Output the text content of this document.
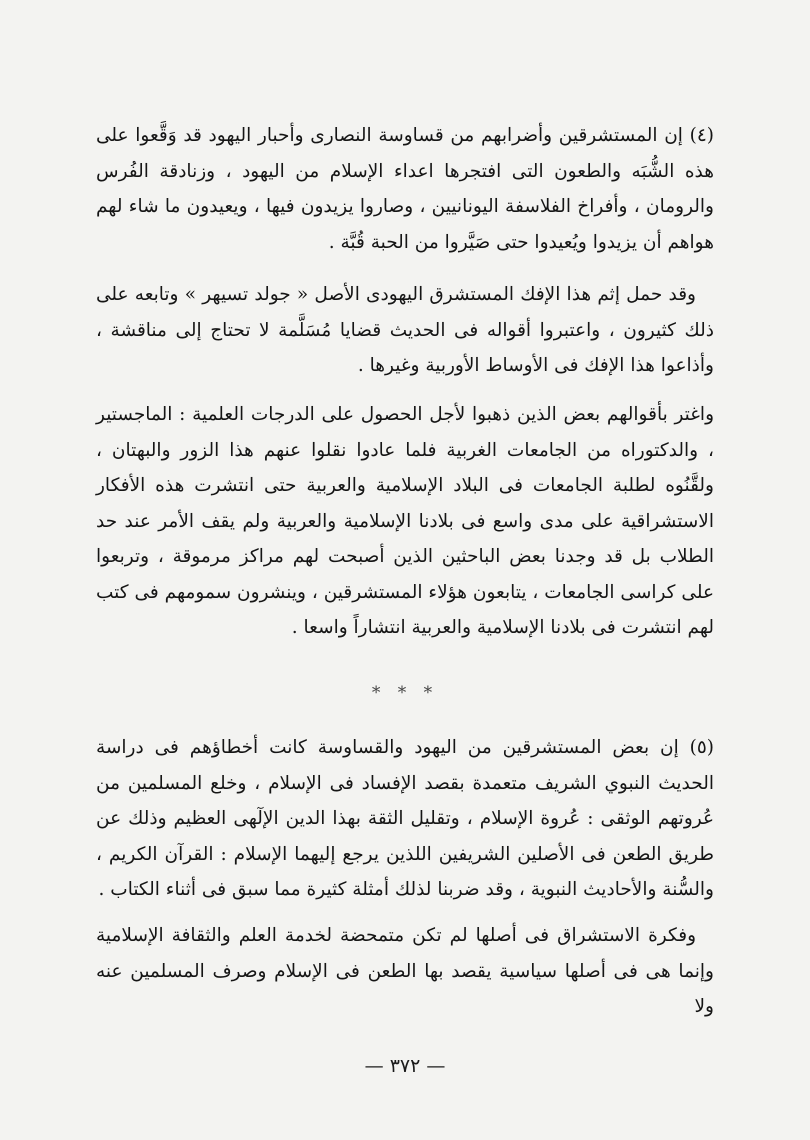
(٤) إن المستشرقين وأضرابهم من قساوسة النصارى وأحبار اليهود قد وَقَّعوا على هذه الشُّبَه والطعون التى افتجرها اعداء الإسلام من اليهود ، وزنادقة الفُرس والرومان ، وأفراخ الفلاسفة اليونانيين ، وصاروا يزيدون فيها ، ويعيدون ما شاء لهم هواهم أن يزيدوا ويُعيدوا حتى صَيَّروا من الحبة قُبَّة .

وقد حمل إثم هذا الإفك المستشرق اليهودى الأصل « جولد تسيهر » وتابعه على ذلك كثيرون ، واعتبروا أقواله فى الحديث قضايا مُسَلَّمة لا تحتاج إلى مناقشة ، وأذاعوا هذا الإفك فى الأوساط الأوربية وغيرها .

واغتر بأقوالهم بعض الذين ذهبوا لأجل الحصول على الدرجات العلمية : الماجستير ، والدكتوراه من الجامعات الغربية فلما عادوا نقلوا عنهم هذا الزور والبهتان ، ولقَّنُوه لطلبة الجامعات فى البلاد الإسلامية والعربية حتى انتشرت هذه الأفكار الاستشراقية على مدى واسع فى بلادنا الإسلامية والعربية ولم يقف الأمر عند حد الطلاب بل قد وجدنا بعض الباحثين الذين أصبحت لهم مراكز مرموقة ، وتربعوا على كراسى الجامعات ، يتابعون هؤلاء المستشرقين ، وينشرون سمومهم فى كتب لهم انتشرت فى بلادنا الإسلامية والعربية انتشاراً واسعا .

* * *

(٥) إن بعض المستشرقين من اليهود والقساوسة كانت أخطاؤهم فى دراسة الحديث النبوي الشريف متعمدة بقصد الإفساد فى الإسلام ، وخلع المسلمين من عُروتهم الوثقى : عُروة الإسلام ، وتقليل الثقة بهذا الدين الإلٓهى العظيم وذلك عن طريق الطعن فى الأصلين الشريفين اللذين يرجع إليهما الإسلام : القرآن الكريم ، والسُّنة والأحاديث النبوية ، وقد ضربنا لذلك أمثلة كثيرة مما سبق فى أثناء الكتاب .

وفكرة الاستشراق فى أصلها لم تكن متمحضة لخدمة العلم والثقافة الإسلامية وإنما هى فى أصلها سياسية يقصد بها الطعن فى الإسلام وصرف المسلمين عنه ولا

— ٣٧٢ —
